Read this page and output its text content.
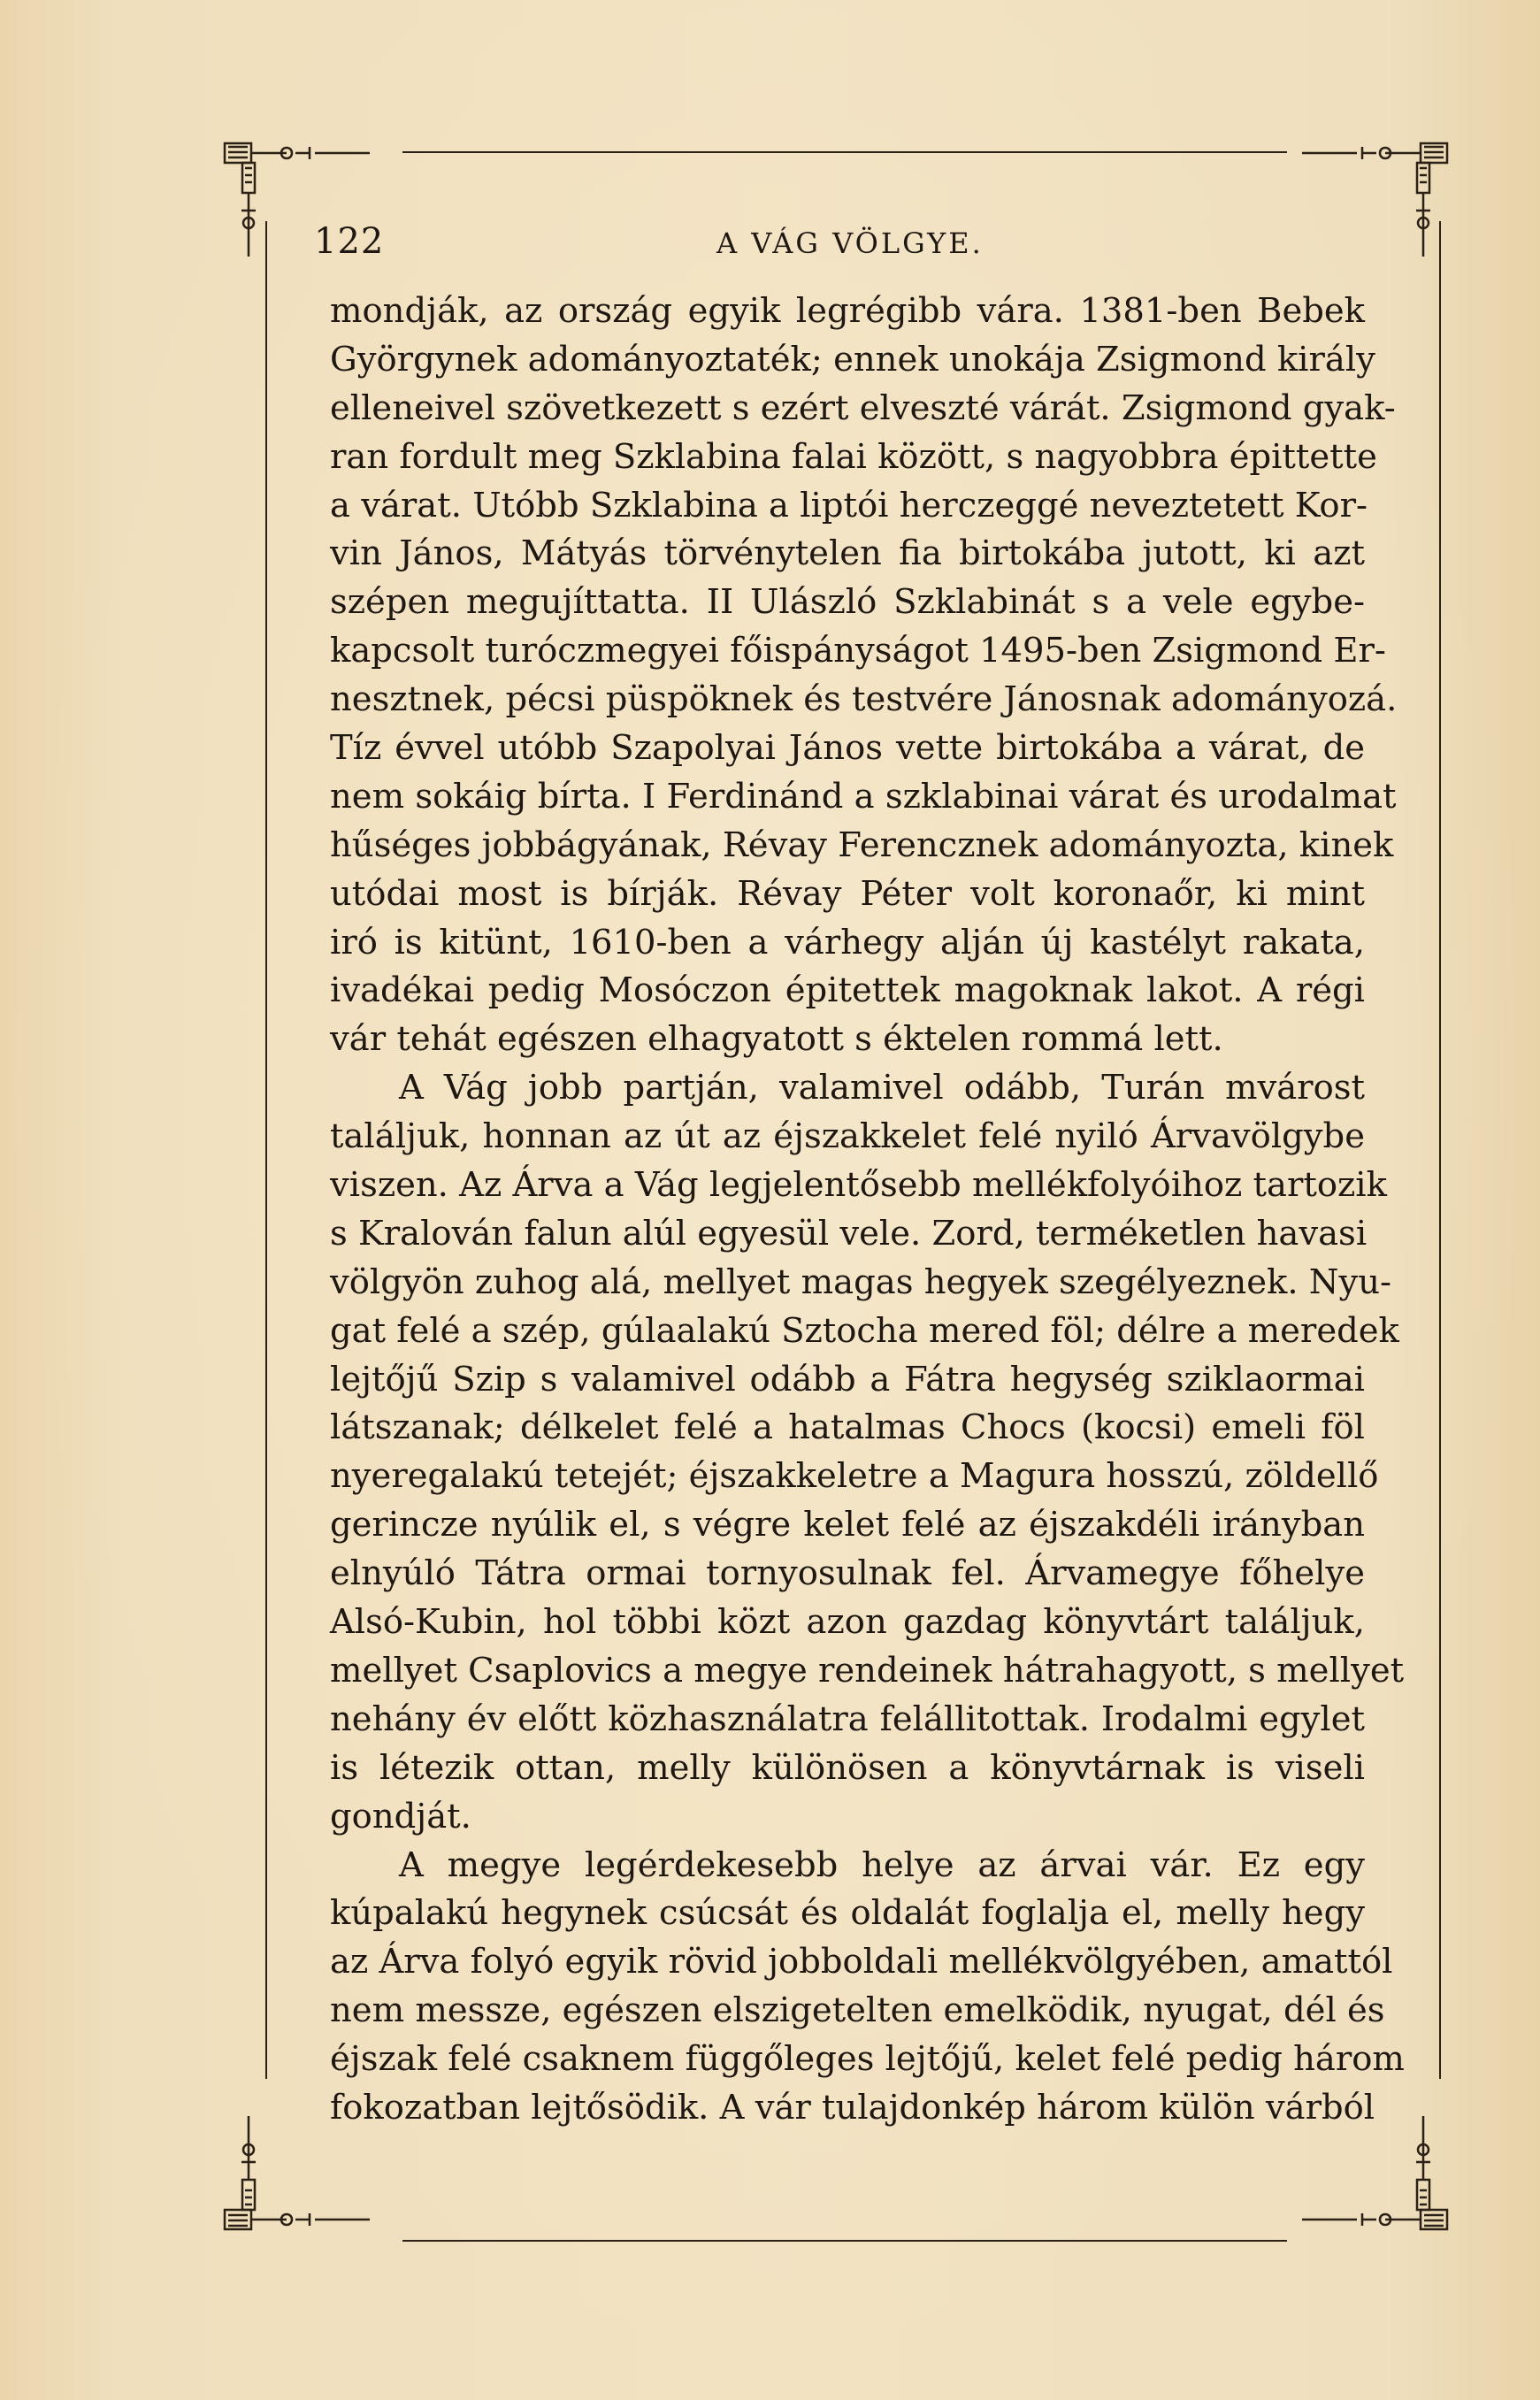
122	A VÁG VÖLGYE.
mondják, az ország egyik legrégibb vára. 1381-ben Bebek
Györgynek adományoztaték; ennek unokája Zsigmond király
elleneivel szövetkezett s ezért elveszté várát. Zsigmond gyak-
ran fordult meg Szklabina falai között, s nagyobbra épittette
a várat. Utóbb Szklabina a liptói herczeggé neveztetett Kor-
vin János, Mátyás törvénytelen fia birtokába jutott, ki azt
szépen megujíttatta. II Ulászló Szklabinát s a vele egybe-
kapcsolt turóczmegyei főispányságot 1495-ben Zsigmond Er-
nesztnek, pécsi püspöknek és testvére Jánosnak adományozá.
Tíz évvel utóbb Szapolyai János vette birtokába a várat, de
nem sokáig bírta. I Ferdinánd a szklabinai várat és urodalmat
hűséges jobbágyának, Révay Ferencznek adományozta, kinek
utódai most is bírják. Révay Péter volt koronaőr, ki mint
iró is kitünt, 1610-ben a várhegy alján új kastélyt rakata,
ivadékai pedig Mosóczon épitettek magoknak lakot. A régi
vár tehát egészen elhagyatott s éktelen rommá lett.
A Vág jobb partján, valamivel odább, Turán mvárost
találjuk, honnan az út az éjszakkelet felé nyiló Árvavölgybe
viszen. Az Árva a Vág legjelentősebb mellékfolyóihoz tartozik
s Kralován falun alúl egyesül vele. Zord, terméketlen havasi
völgyön zuhog alá, mellyet magas hegyek szegélyeznek. Nyu-
gat felé a szép, gúlaalakú Sztocha mered föl; délre a meredek
lejtőjű Szip s valamivel odább a Fátra hegység sziklaormai
látszanak; délkelet felé a hatalmas Chocs (kocsi) emeli föl
nyeregalakú tetejét; éjszakkeletre a Magura hosszú, zöldellő
gerincze nyúlik el, s végre kelet felé az éjszakdéli irányban
elnyúló Tátra ormai tornyosulnak fel. Árvamegye főhelye
Alsó-Kubin, hol többi közt azon gazdag könyvtárt találjuk,
mellyet Csaplovics a megye rendeinek hátrahagyott, s mellyet
nehány év előtt közhasználatra felállitottak. Irodalmi egylet
is létezik ottan, melly különösen a könyvtárnak is viseli
gondját.
A megye legérdekesebb helye az árvai vár. Ez egy
kúpalakú hegynek csúcsát és oldalát foglalja el, melly hegy
az Árva folyó egyik rövid jobboldali mellékvölgyében, amattól
nem messze, egészen elszigetelten emelködik, nyugat, dél és
éjszak felé csaknem függőleges lejtőjű, kelet felé pedig három
fokozatban lejtősödik. A vár tulajdonkép három külön várból
